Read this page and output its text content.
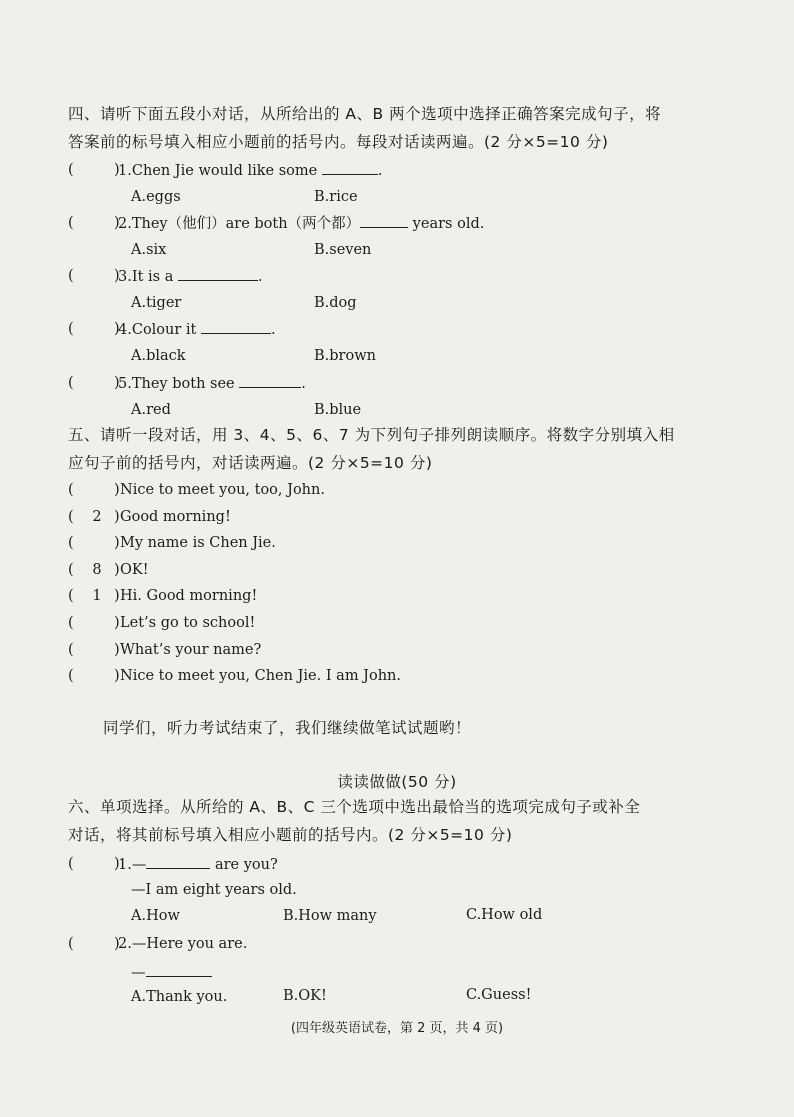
四、请听下面五段小对话，从所给出的 A、B 两个选项中选择正确答案完成句子，将
答案前的标号填入相应小题前的括号内。每段对话读两遍。(2 分×5=10 分)
(	)
1.Chen Jie would like some	.
A.eggs	B.rice
(	)
2.They（他们）are both（两个都）	years old.
A.six	B.seven
(	)
3.It is a	.
A.tiger	B.dog
(	)
4.Colour it	.
A.black	B.brown
(	)
5.They both see	.
A.red	B.blue
五、请听一段对话，用 3、4、5、6、7 为下列句子排列朗读顺序。将数字分别填入相
应句子前的括号内，对话读两遍。(2 分×5=10 分)
(	) Nice to meet you, too, John.
(	2 ) Good morning!
(	) My name is Chen Jie.
(	8 ) OK!
(	1 ) Hi. Good morning!
(	) Let’s go to school!
(	) What’s your name?
(	) Nice to meet you, Chen Jie. I am John.
同学们，听力考试结束了，我们继续做笔试试题哟！
读读做做(50 分)
六、单项选择。从所给的 A、B、C 三个选项中选出最恰当的选项完成句子或补全
对话，将其前标号填入相应小题前的括号内。(2 分×5=10 分)
(	)
1.—	are you?
—I am eight years old.
A.How	B.How many	C.How old
(	)
2.—Here you are.
—
A.Thank you.	B.OK!	C.Guess!
(四年级英语试卷，第 2 页，共 4 页)
